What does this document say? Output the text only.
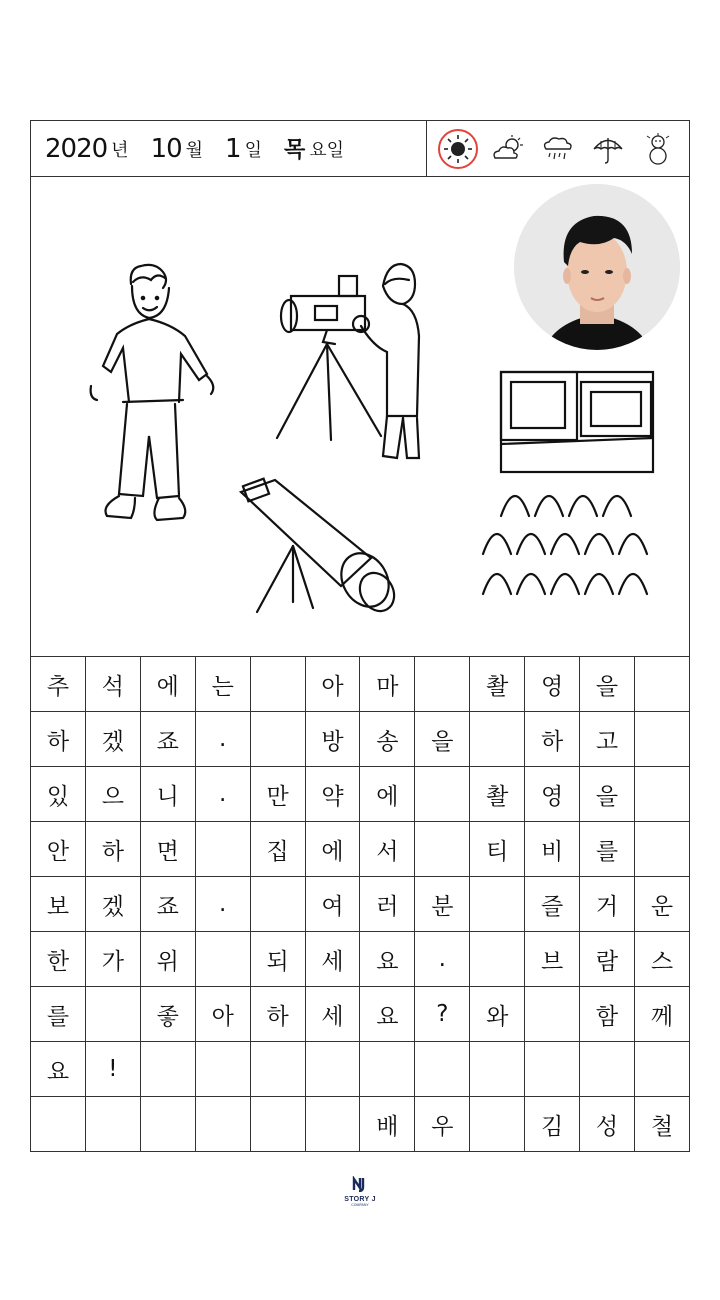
2020 년 10 월 1 일 목 요일
추	석	에	는		아	마		촬	영	을	
하	겠	죠	.		방	송	을		하	고	
있	으	니	.	만	약	에		촬	영	을	
안	하	면		집	에	서		티	비	를	
보	겠	죠	.		여	러	분		즐	거	운
한	가	위		되	세	요	.		브	람	스
를		좋	아	하	세	요	?	와		함	께
요	!										
						배	우		김	성	철
STORY J
COMPANY
